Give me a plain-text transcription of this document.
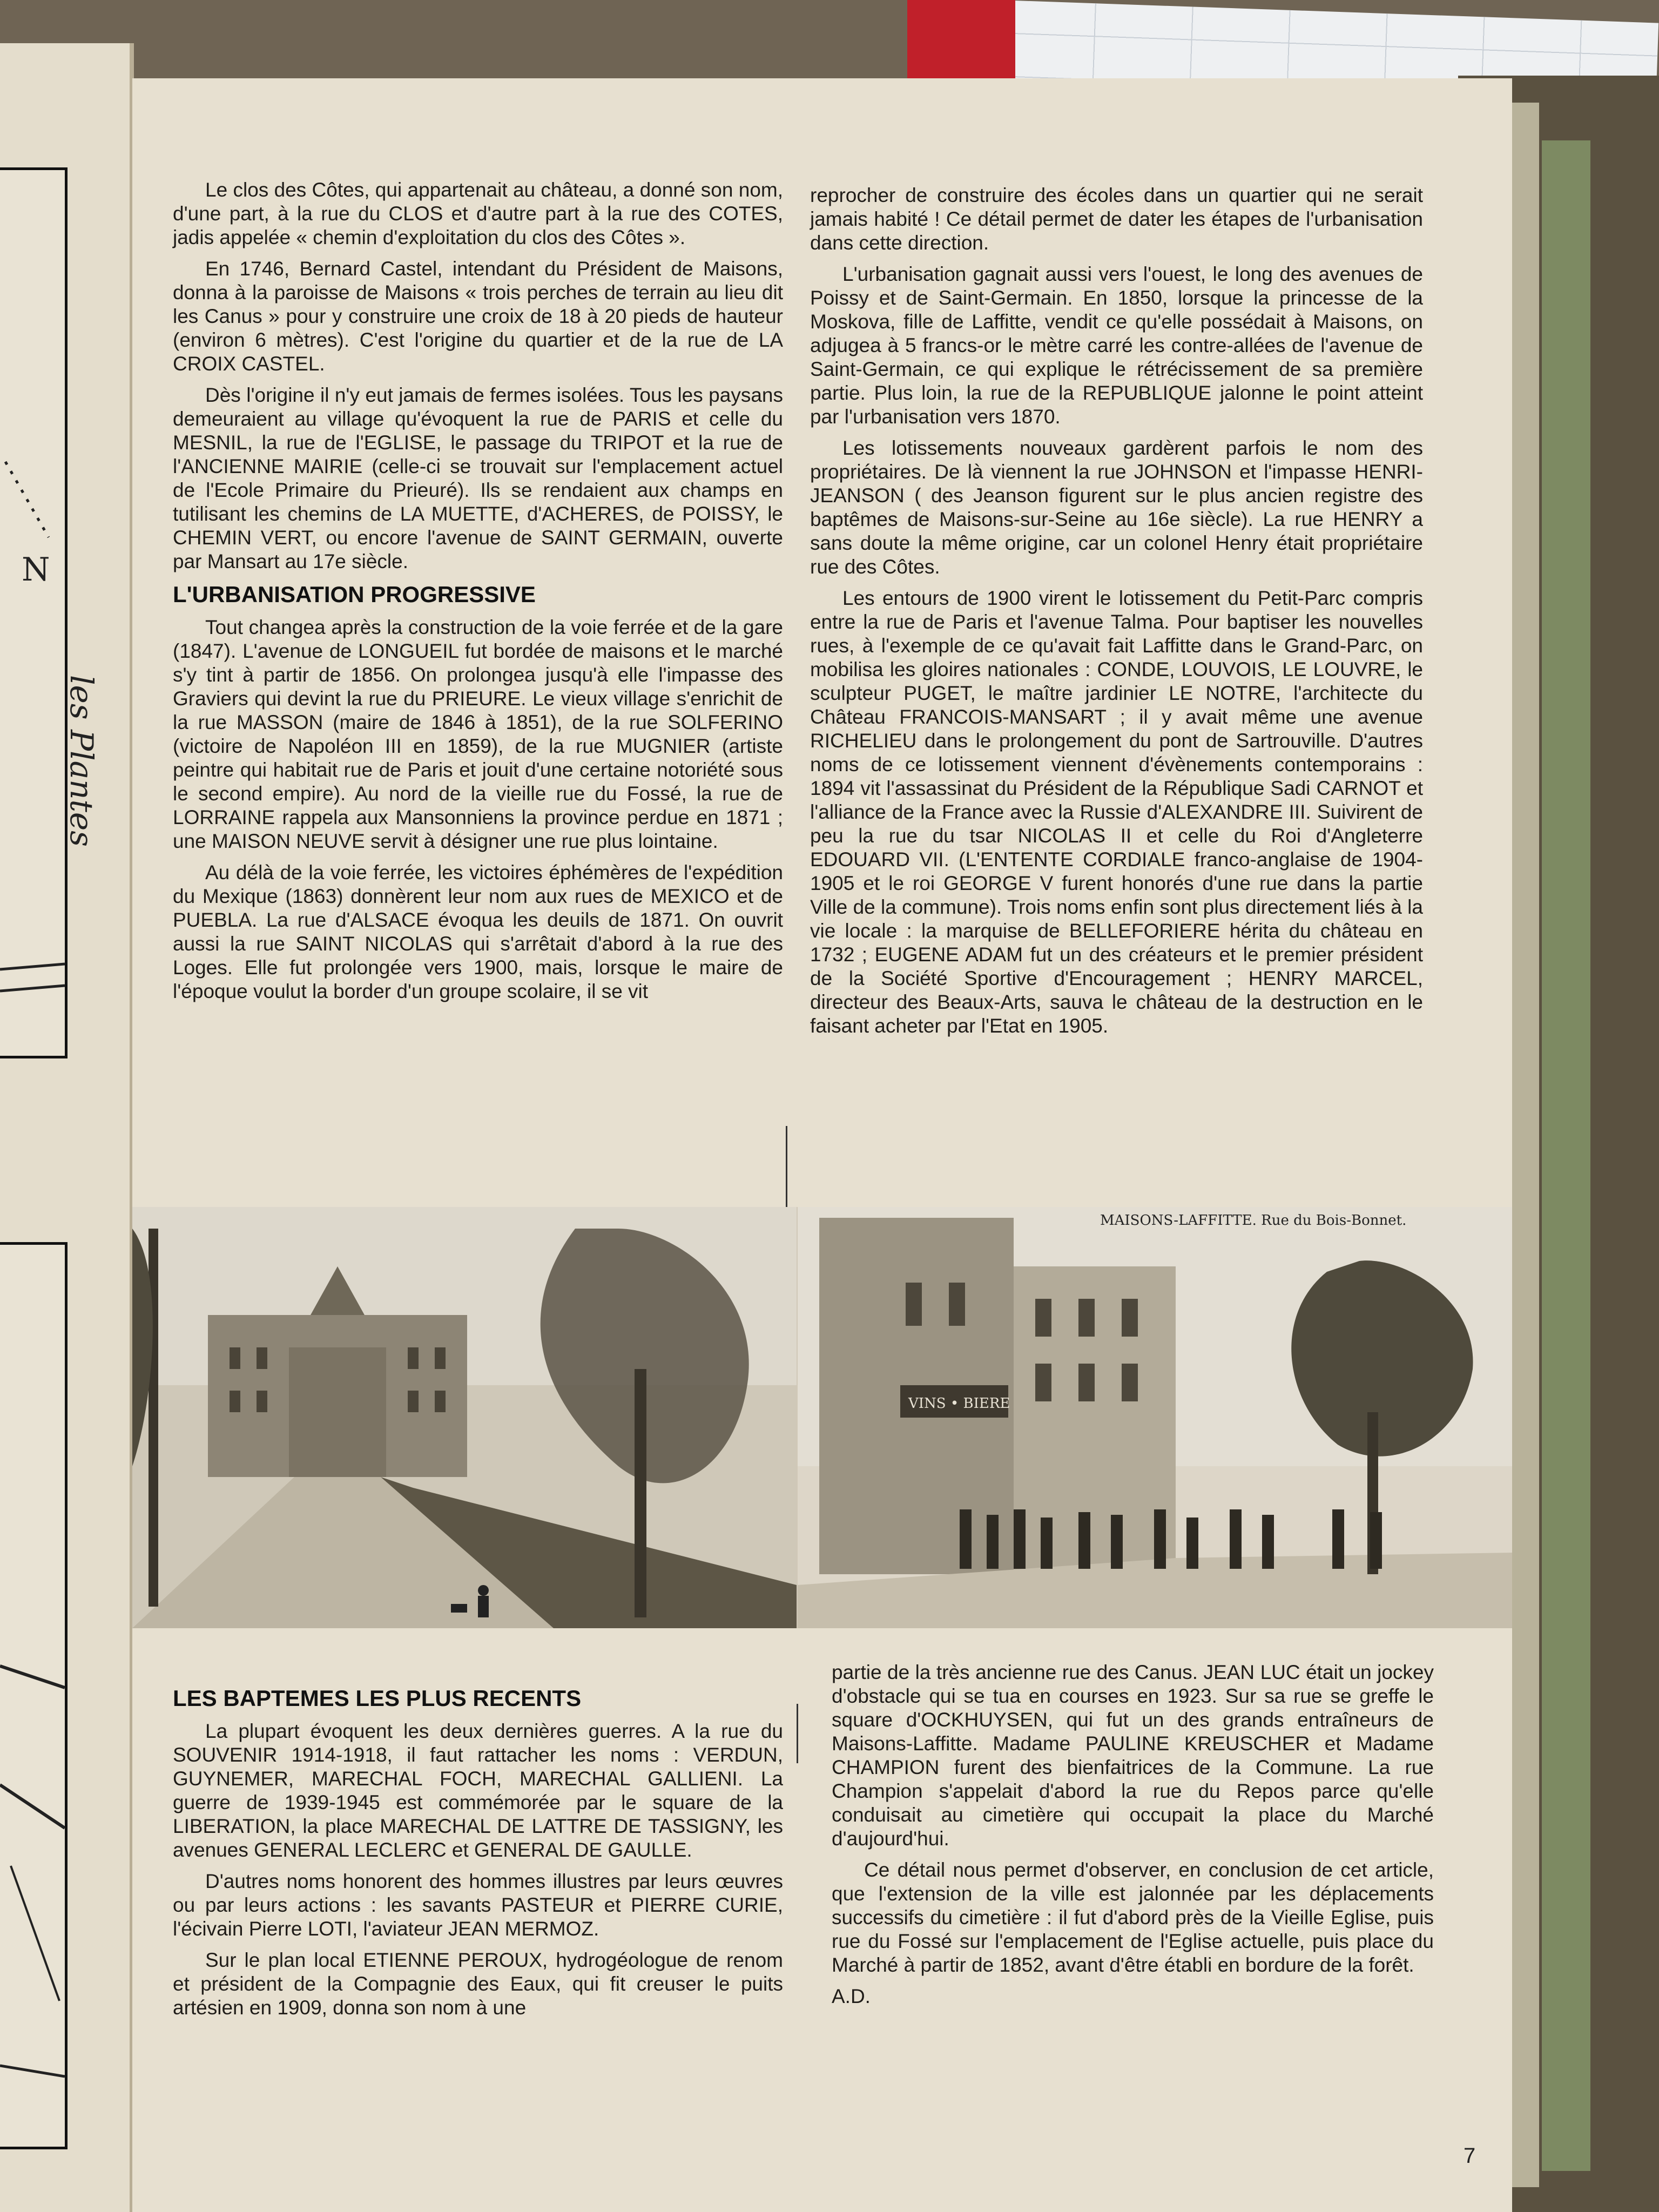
N
les Plantes

Le clos des Côtes, qui appartenait au château, a donné son nom, d'une part, à la rue du CLOS et d'autre part à la rue des COTES, jadis appelée « chemin d'exploitation du clos des Côtes ».

En 1746, Bernard Castel, intendant du Président de Maisons, donna à la paroisse de Maisons « trois perches de terrain au lieu dit les Canus » pour y construire une croix de 18 à 20 pieds de hauteur (environ 6 mètres). C'est l'origine du quartier et de la rue de LA CROIX CASTEL.

Dès l'origine il n'y eut jamais de fermes isolées. Tous les paysans demeuraient au village qu'évoquent la rue de PARIS et celle du MESNIL, la rue de l'EGLISE, le passage du TRIPOT et la rue de l'ANCIENNE MAIRIE (celle-ci se trouvait sur l'emplacement actuel de l'Ecole Primaire du Prieuré). Ils se rendaient aux champs en tutilisant les chemins de LA MUETTE, d'ACHERES, de POISSY, le CHEMIN VERT, ou encore l'avenue de SAINT GERMAIN, ouverte par Mansart au 17e siècle.

L'URBANISATION PROGRESSIVE

Tout changea après la construction de la voie ferrée et de la gare (1847). L'avenue de LONGUEIL fut bordée de maisons et le marché s'y tint à partir de 1856. On prolongea jusqu'à elle l'impasse des Graviers qui devint la rue du PRIEURE. Le vieux village s'enrichit de la rue MASSON (maire de 1846 à 1851), de la rue SOLFERINO (victoire de Napoléon III en 1859), de la rue MUGNIER (artiste peintre qui habitait rue de Paris et jouit d'une certaine notoriété sous le second empire). Au nord de la vieille rue du Fossé, la rue de LORRAINE rappela aux Mansonniens la province perdue en 1871 ; une MAISON NEUVE servit à désigner une rue plus lointaine.

Au délà de la voie ferrée, les victoires éphémères de l'expédition du Mexique (1863) donnèrent leur nom aux rues de MEXICO et de PUEBLA. La rue d'ALSACE évoqua les deuils de 1871. On ouvrit aussi la rue SAINT NICOLAS qui s'arrêtait d'abord à la rue des Loges. Elle fut prolongée vers 1900, mais, lorsque le maire de l'époque voulut la border d'un groupe scolaire, il se vit

reprocher de construire des écoles dans un quartier qui ne serait jamais habité ! Ce détail permet de dater les étapes de l'urbanisation dans cette direction.

L'urbanisation gagnait aussi vers l'ouest, le long des avenues de Poissy et de Saint-Germain. En 1850, lorsque la princesse de la Moskova, fille de Laffitte, vendit ce qu'elle possédait à Maisons, on adjugea à 5 francs-or le mètre carré les contre-allées de l'avenue de Saint-Germain, ce qui explique le rétrécissement de sa première partie. Plus loin, la rue de la REPUBLIQUE jalonne le point atteint par l'urbanisation vers 1870.

Les lotissements nouveaux gardèrent parfois le nom des propriétaires. De là viennent la rue JOHNSON et l'impasse HENRI-JEANSON ( des Jeanson figurent sur le plus ancien registre des baptêmes de Maisons-sur-Seine au 16e siècle). La rue HENRY a sans doute la même origine, car un colonel Henry était propriétaire rue des Côtes.

Les entours de 1900 virent le lotissement du Petit-Parc compris entre la rue de Paris et l'avenue Talma. Pour baptiser les nouvelles rues, à l'exemple de ce qu'avait fait Laffitte dans le Grand-Parc, on mobilisa les gloires nationales : CONDE, LOUVOIS, LE LOUVRE, le sculpteur PUGET, le maître jardinier LE NOTRE, l'architecte du Château FRANCOIS-MANSART ; il y avait même une avenue RICHELIEU dans le prolongement du pont de Sartrouville. D'autres noms de ce lotissement viennent d'évènements contemporains : 1894 vit l'assassinat du Président de la République Sadi CARNOT et l'alliance de la France avec la Russie d'ALEXANDRE III. Suivirent de peu la rue du tsar NICOLAS II et celle du Roi d'Angleterre EDOUARD VII. (L'ENTENTE CORDIALE franco-anglaise de 1904-1905 et le roi GEORGE V furent honorés d'une rue dans la partie Ville de la commune). Trois noms enfin sont plus directement liés à la vie locale : la marquise de BELLEFORIERE hérita du château en 1732 ; EUGENE ADAM fut un des créateurs et le premier président de la Société Sportive d'Encouragement ; HENRY MARCEL, directeur des Beaux-Arts, sauva le château de la destruction en le faisant acheter par l'Etat en 1905.

VINS • BIERE
MAISONS-LAFFITTE. Rue du Bois-Bonnet.

LES BAPTEMES LES PLUS RECENTS

La plupart évoquent les deux dernières guerres. A la rue du SOUVENIR 1914-1918, il faut rattacher les noms : VERDUN, GUYNEMER, MARECHAL FOCH, MARECHAL GALLIENI. La guerre de 1939-1945 est commémorée par le square de la LIBERATION, la place MARECHAL DE LATTRE DE TASSIGNY, les avenues GENERAL LECLERC et GENERAL DE GAULLE.

D'autres noms honorent des hommes illustres par leurs œuvres ou par leurs actions : les savants PASTEUR et PIERRE CURIE, l'écivain Pierre LOTI, l'aviateur JEAN MERMOZ.

Sur le plan local ETIENNE PEROUX, hydrogéologue de renom et président de la Compagnie des Eaux, qui fit creuser le puits artésien en 1909, donna son nom à une

partie de la très ancienne rue des Canus. JEAN LUC était un jockey d'obstacle qui se tua en courses en 1923. Sur sa rue se greffe le square d'OCKHUYSEN, qui fut un des grands entraîneurs de Maisons-Laffitte. Madame PAULINE KREUSCHER et Madame CHAMPION furent des bienfaitrices de la Commune. La rue Champion s'appelait d'abord la rue du Repos parce qu'elle conduisait au cimetière qui occupait la place du Marché d'aujourd'hui.

Ce détail nous permet d'observer, en conclusion de cet article, que l'extension de la ville est jalonnée par les déplacements successifs du cimetière : il fut d'abord près de la Vieille Eglise, puis rue du Fossé sur l'emplacement de l'Eglise actuelle, puis place du Marché à partir de 1852, avant d'être établi en bordure de la forêt.

A.D.

7
